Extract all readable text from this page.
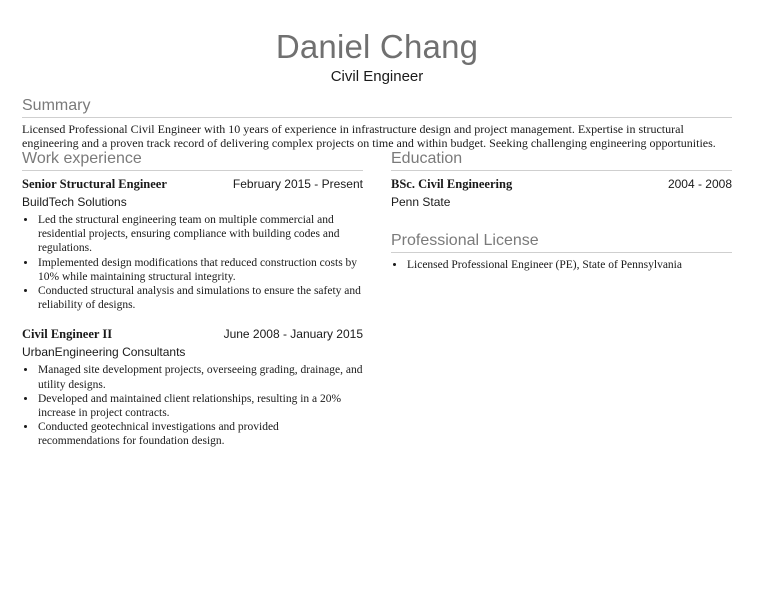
Daniel Chang
Civil Engineer
Summary
Licensed Professional Civil Engineer with 10 years of experience in infrastructure design and project management. Expertise in structural engineering and a proven track record of delivering complex projects on time and within budget. Seeking challenging engineering opportunities.
Work experience
Senior Structural Engineer	February 2015 - Present
BuildTech Solutions
• Led the structural engineering team on multiple commercial and residential projects, ensuring compliance with building codes and regulations.
• Implemented design modifications that reduced construction costs by 10% while maintaining structural integrity.
• Conducted structural analysis and simulations to ensure the safety and reliability of designs.
Civil Engineer II	June 2008 - January 2015
UrbanEngineering Consultants
• Managed site development projects, overseeing grading, drainage, and utility designs.
• Developed and maintained client relationships, resulting in a 20% increase in project contracts.
• Conducted geotechnical investigations and provided recommendations for foundation design.
Education
BSc. Civil Engineering	2004 - 2008
Penn State
Professional License
• Licensed Professional Engineer (PE), State of Pennsylvania
